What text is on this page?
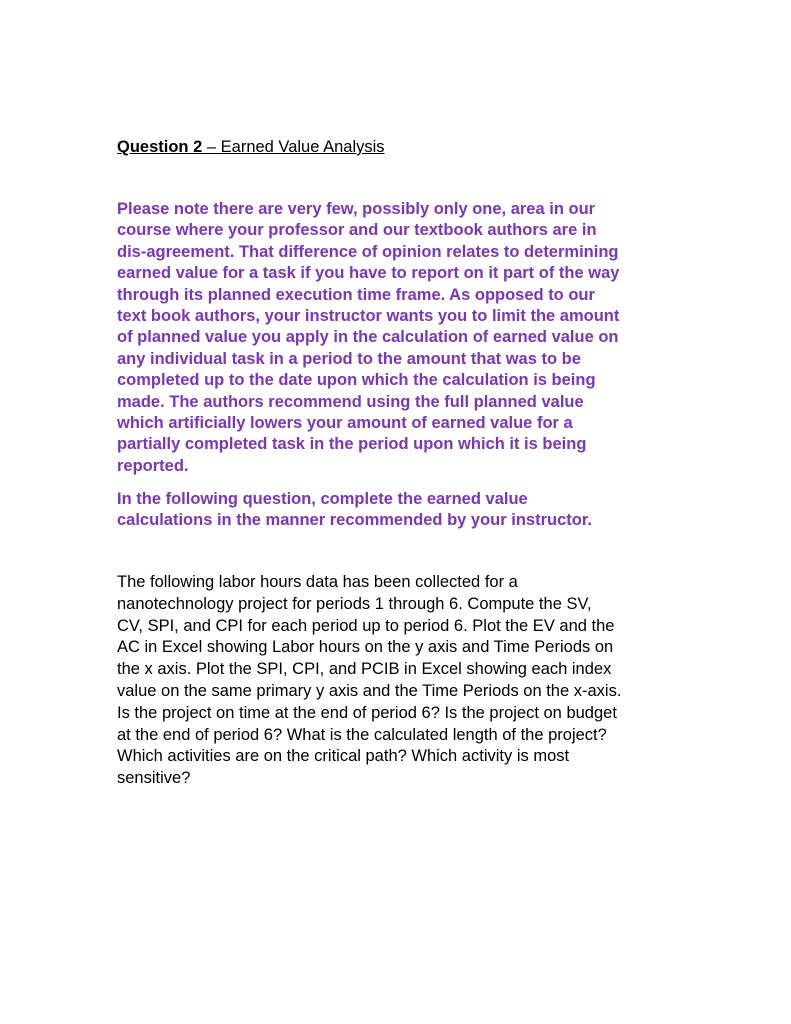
Question 2 – Earned Value Analysis
Please note there are very few, possibly only one, area in our
course where your professor and our textbook authors are in
dis-agreement. That difference of opinion relates to determining
earned value for a task if you have to report on it part of the way
through its planned execution time frame. As opposed to our
text book authors, your instructor wants you to limit the amount
of planned value you apply in the calculation of earned value on
any individual task in a period to the amount that was to be
completed up to the date upon which the calculation is being
made. The authors recommend using the full planned value
which artificially lowers your amount of earned value for a
partially completed task in the period upon which it is being
reported.
In the following question, complete the earned value
calculations in the manner recommended by your instructor.
The following labor hours data has been collected for a
nanotechnology project for periods 1 through 6. Compute the SV,
CV, SPI, and CPI for each period up to period 6. Plot the EV and the
AC in Excel showing Labor hours on the y axis and Time Periods on
the x axis. Plot the SPI, CPI, and PCIB in Excel showing each index
value on the same primary y axis and the Time Periods on the x-axis.
Is the project on time at the end of period 6? Is the project on budget
at the end of period 6? What is the calculated length of the project?
Which activities are on the critical path? Which activity is most
sensitive?
